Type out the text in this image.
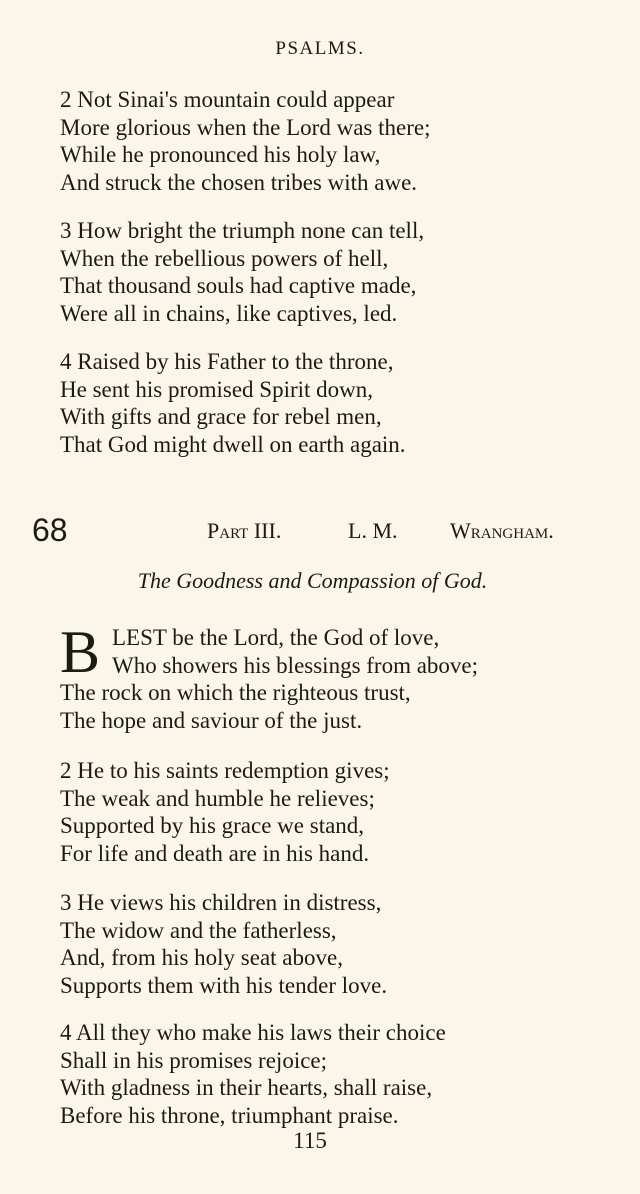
PSALMS.
2 Not Sinai's mountain could appear
More glorious when the Lord was there;
While he pronounced his holy law,
And struck the chosen tribes with awe.
3 How bright the triumph none can tell,
When the rebellious powers of hell,
That thousand souls had captive made,
Were all in chains, like captives, led.
4 Raised by his Father to the throne,
He sent his promised Spirit down,
With gifts and grace for rebel men,
That God might dwell on earth again.
68	Part III.	L. M. Wrangham.
The Goodness and Compassion of God.
B LEST be the Lord, the God of love,
Who showers his blessings from above;
The rock on which the righteous trust,
The hope and saviour of the just.
2 He to his saints redemption gives;
The weak and humble he relieves;
Supported by his grace we stand,
For life and death are in his hand.
3 He views his children in distress,
The widow and the fatherless,
And, from his holy seat above,
Supports them with his tender love.
4 All they who make his laws their choice
Shall in his promises rejoice;
With gladness in their hearts, shall raise,
Before his throne, triumphant praise.
115
